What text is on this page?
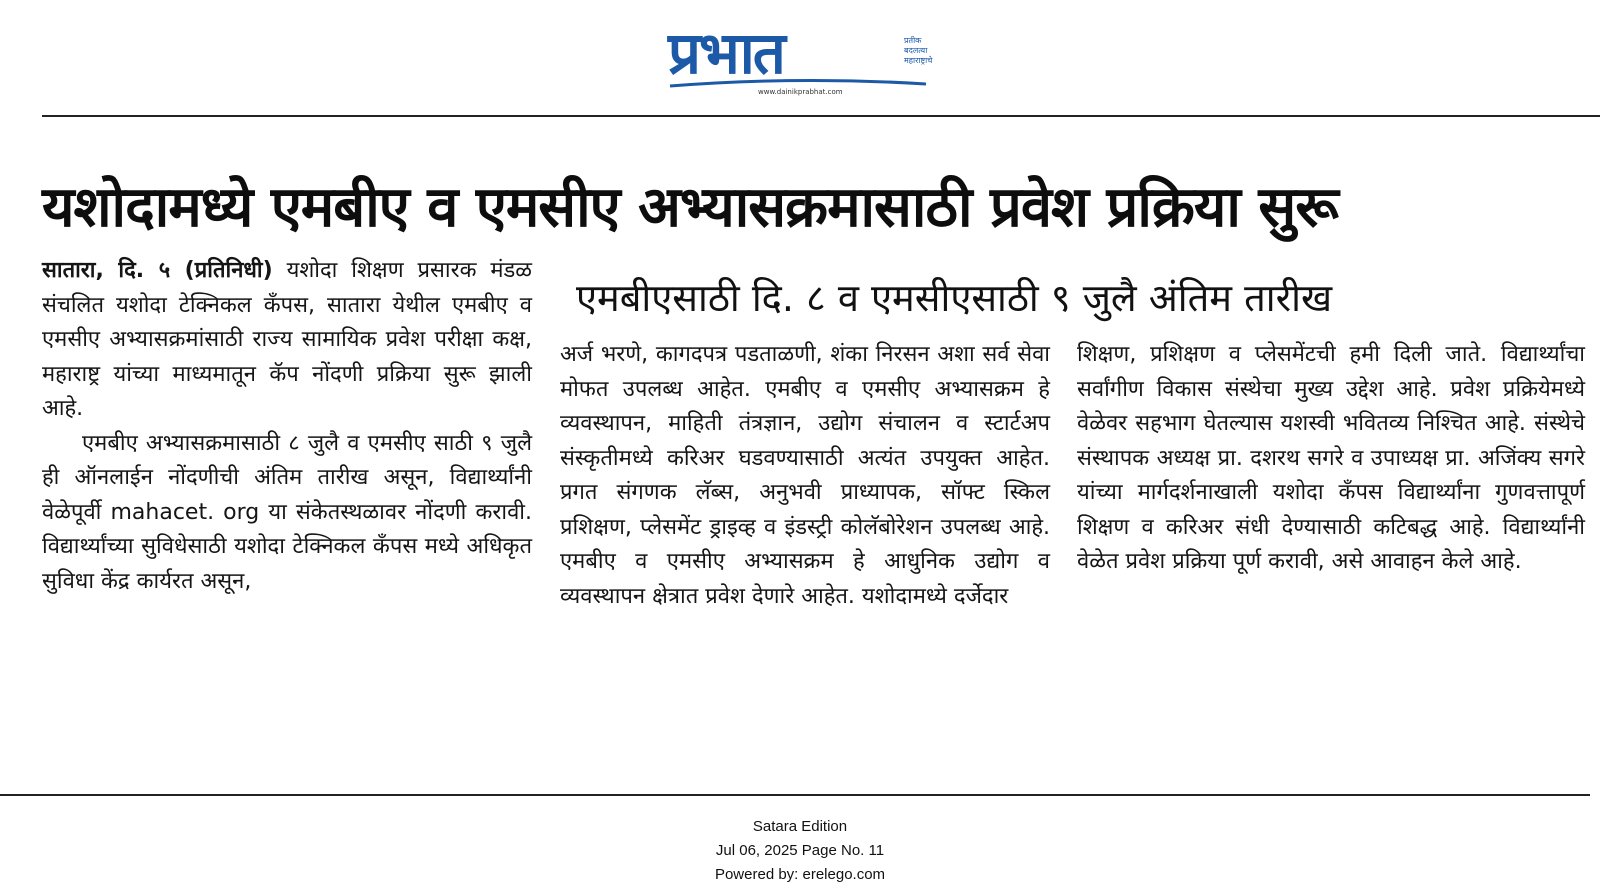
प्रभात	प्रतीक
बदलत्या
महाराष्ट्राचे
www.dainikprabhat.com
यशोदामध्ये एमबीए व एमसीए अभ्यासक्रमासाठी प्रवेश प्रक्रिया सुरू
एमबीएसाठी दि. ८ व एमसीएसाठी ९ जुलै अंतिम तारीख

सातारा, दि. ५ (प्रतिनिधी) यशोदा शिक्षण प्रसारक मंडळ संचलित यशोदा टेक्निकल कँपस, सातारा येथील एमबीए व एमसीए अभ्यासक्रमांसाठी राज्य सामायिक प्रवेश परीक्षा कक्ष, महाराष्ट्र यांच्या माध्यमातून कॅप नोंदणी प्रक्रिया सुरू झाली आहे.

एमबीए अभ्यासक्रमासाठी ८ जुलै व एमसीए साठी ९ जुलै ही ऑनलाईन नोंदणीची अंतिम तारीख असून, विद्यार्थ्यांनी वेळेपूर्वी mahacet. org या संकेतस्थळावर नोंदणी करावी. विद्यार्थ्यांच्या सुविधेसाठी यशोदा टेक्निकल कँपस मध्ये अधिकृत सुविधा केंद्र कार्यरत असून,

अर्ज भरणे, कागदपत्र पडताळणी, शंका निरसन अशा सर्व सेवा मोफत उपलब्ध आहेत. एमबीए व एमसीए अभ्यासक्रम हे व्यवस्थापन, माहिती तंत्रज्ञान, उद्योग संचालन व स्टार्टअप संस्कृतीमध्ये करिअर घडवण्यासाठी अत्यंत उपयुक्त आहेत. प्रगत संगणक लॅब्स, अनुभवी प्राध्यापक, सॉफ्ट स्किल प्रशिक्षण, प्लेसमेंट ड्राइव्ह व इंडस्ट्री कोलॅबोरेशन उपलब्ध आहे. एमबीए व एमसीए अभ्यासक्रम हे आधुनिक उद्योग व व्यवस्थापन क्षेत्रात प्रवेश देणारे आहेत. यशोदामध्ये दर्जेदार

शिक्षण, प्रशिक्षण व प्लेसमेंटची हमी दिली जाते. विद्यार्थ्यांचा सर्वांगीण विकास संस्थेचा मुख्य उद्देश आहे. प्रवेश प्रक्रियेमध्ये वेळेवर सहभाग घेतल्यास यशस्वी भवितव्य निश्चित आहे. संस्थेचे संस्थापक अध्यक्ष प्रा. दशरथ सगरे व उपाध्यक्ष प्रा. अजिंक्य सगरे यांच्या मार्गदर्शनाखाली यशोदा कँपस विद्यार्थ्यांना गुणवत्तापूर्ण शिक्षण व करिअर संधी देण्यासाठी कटिबद्ध आहे. विद्यार्थ्यांनी वेळेत प्रवेश प्रक्रिया पूर्ण करावी, असे आवाहन केले आहे.

Satara Edition
Jul 06, 2025 Page No. 11
Powered by: erelego.com
